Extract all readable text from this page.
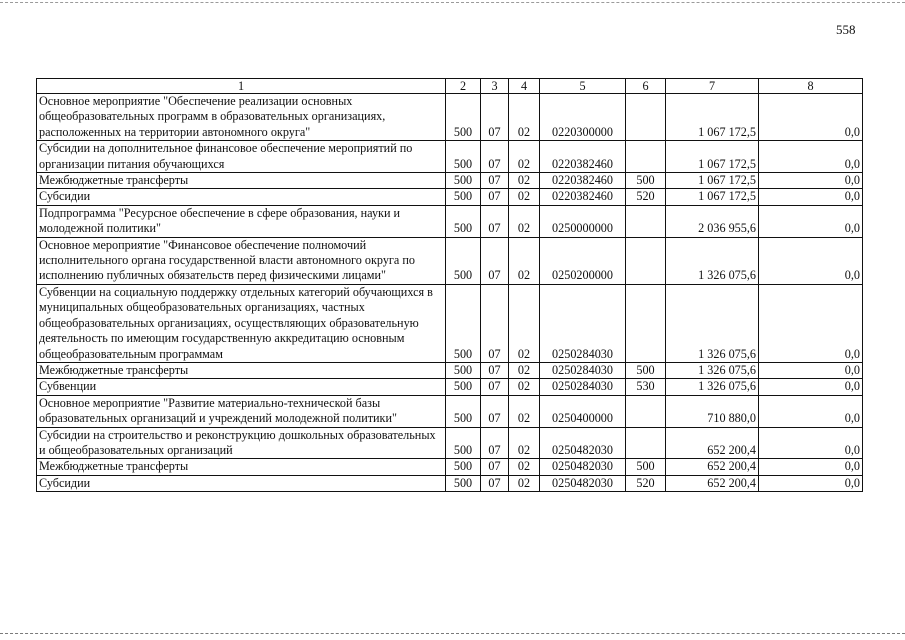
558
1	2	3	4	5	6	7	8
Основное мероприятие "Обеспечение реализации основных общеобразовательных программ в образовательных организациях, расположенных на территории автономного округа"	500	07	02	0220300000		1 067 172,5	0,0
Субсидии на дополнительное финансовое обеспечение мероприятий по организации питания обучающихся	500	07	02	0220382460		1 067 172,5	0,0
Межбюджетные трансферты	500	07	02	0220382460	500	1 067 172,5	0,0
Субсидии	500	07	02	0220382460	520	1 067 172,5	0,0
Подпрограмма "Ресурсное обеспечение в сфере образования, науки и молодежной политики"	500	07	02	0250000000		2 036 955,6	0,0
Основное мероприятие "Финансовое обеспечение полномочий исполнительного органа государственной власти автономного округа по исполнению публичных обязательств перед физическими лицами"	500	07	02	0250200000		1 326 075,6	0,0
Субвенции на социальную поддержку отдельных категорий обучающихся в муниципальных общеобразовательных организациях, частных общеобразовательных организациях, осуществляющих образовательную деятельность по имеющим государственную аккредитацию основным общеобразовательным программам	500	07	02	0250284030		1 326 075,6	0,0
Межбюджетные трансферты	500	07	02	0250284030	500	1 326 075,6	0,0
Субвенции	500	07	02	0250284030	530	1 326 075,6	0,0
Основное мероприятие "Развитие материально-технической базы образовательных организаций и учреждений молодежной политики"	500	07	02	0250400000		710 880,0	0,0
Субсидии на строительство и реконструкцию дошкольных образовательных и общеобразовательных организаций	500	07	02	0250482030		652 200,4	0,0
Межбюджетные трансферты	500	07	02	0250482030	500	652 200,4	0,0
Субсидии	500	07	02	0250482030	520	652 200,4	0,0
